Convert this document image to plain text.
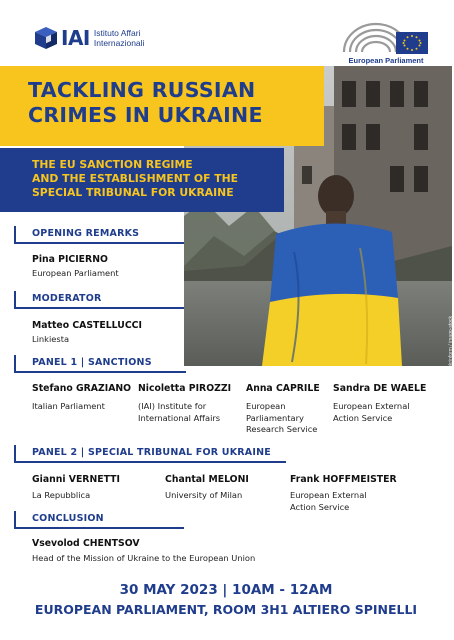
IAI Istituto Affari
Internazionali
European Parliament
Photo: ukrinform / imago-stock
TACKLING RUSSIAN
CRIMES IN UKRAINE
THE EU SANCTION REGIME
AND THE ESTABLISHMENT OF THE
SPECIAL TRIBUNAL FOR UKRAINE
OPENING REMARKS
Pina PICIERNO
European Parliament
MODERATOR
Matteo CASTELLUCCI
Linkiesta
PANEL 1 | SANCTIONS
Stefano GRAZIANO
Italian Parliament
Nicoletta PIROZZI
(IAI) Institute for
International Affairs
Anna CAPRILE
European
Parliamentary
Research Service
Sandra DE WAELE
European External
Action Service
PANEL 2 | SPECIAL TRIBUNAL FOR UKRAINE
Gianni VERNETTI
La Repubblica
Chantal MELONI
University of Milan
Frank HOFFMEISTER
European External
Action Service
CONCLUSION
Vsevolod CHENTSOV
Head of the Mission of Ukraine to the European Union
30 MAY 2023 | 10AM - 12AM
EUROPEAN PARLIAMENT, ROOM 3H1 ALTIERO SPINELLI
